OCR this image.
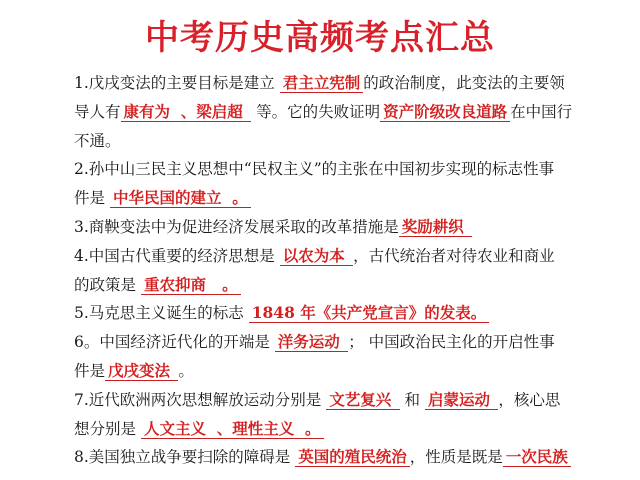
中考历史高频考点汇总
1.戊戌变法的主要目标是建立 君主立宪制 的政治制度，此变法的主要领
导人有 康有为  、梁启超  等。它的失败证明 资产阶级改良道路 在中国行
不通。
2.孙中山三民主义思想中“民权主义”的主张在中国初步实现的标志性事
件是 中华民国的建立  。
3.商鞅变法中为促进经济发展采取的改革措施是 奖励耕织
4.中国古代重要的经济思想是 以农为本 ，古代统治者对待农业和商业
的政策是 重农抑商   。
5.马克思主义诞生的标志 1848 年《共产党宣言》的发表。
6。中国经济近代化的开端是 洋务运动 ； 中国政治民主化的开启性事
件是 戊戌变法 。
7.近代欧洲两次思想解放运动分别是 文艺复兴  和 启蒙运动 ，核心思
想分别是 人文主义  、理性主义  。
8.美国独立战争要扫除的障碍是 英国的殖民统治 ，性质是既是 一次民族
